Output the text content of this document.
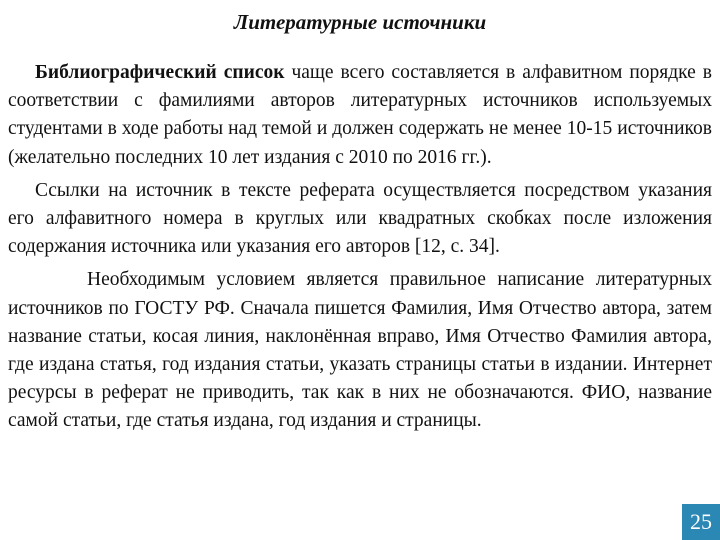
Литературные источники

Библиографический список чаще всего составляется в алфавитном порядке в соответствии с фамилиями авторов литературных источников используемых студентами в ходе работы над темой и должен содержать не менее 10-15 источников (желательно последних 10 лет издания с 2010 по 2016 гг.).

Ссылки на источник в тексте реферата осуществляется посредством указания его алфавитного номера в круглых или квадратных скобках после изложения содержания источника или указания его авторов [12, с. 34].

Необходимым условием является правильное написание литературных источников по ГОСТУ РФ. Сначала пишется Фамилия, Имя Отчество автора, затем название статьи, косая линия, наклонённая вправо, Имя Отчество Фамилия автора, где издана статья, год издания статьи, указать страницы статьи в издании. Интернет ресурсы в реферат не приводить, так как в них не обозначаются. ФИО, название самой статьи, где статья издана, год издания и страницы.

25
